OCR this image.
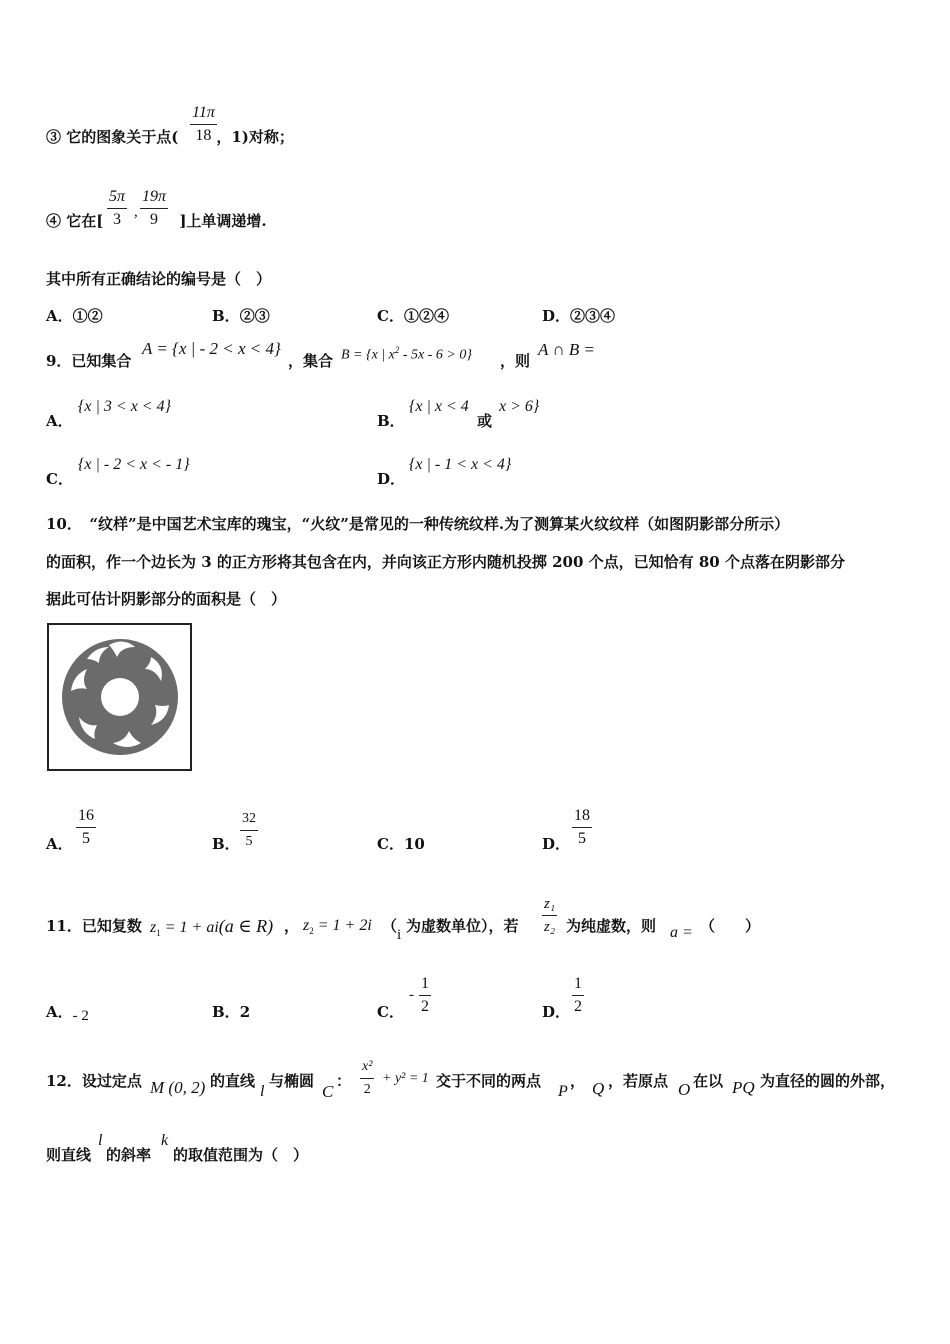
③ 它的图象关于点(	，1)对称；
11π
18
④ 它在[	]上单调递增.
5π
3 ,
19π
9
其中所有正确结论的编号是（　）
A．①②	B．②③	C．①②④	D．②③④
9．已知集合
A = {x | - 2 < x < 4}
，集合 B = {x | $x^2 - 5x - 6 > 0$} ，则
A ∩ B =
A．
{x | 3 < x < 4}
B．
{x | x < 4
或
x > 6}
C．
{x | - 2 < x < - 1}
D．
{x | - 1 < x < 4}
10．　“纹样”是中国艺术宝库的瑰宝，“火纹”是常见的一种传统纹样.为了测算某火纹纹样（如图阴影部分所示）
的面积，作一个边长为 3 的正方形将其包含在内，并向该正方形内随机投掷 200 个点，已知恰有 80 个点落在阴影部分
据此可估计阴影部分的面积是（　）
A．
16
5	B．
32
5	C．10	D．
18
5
11．已知复数 $z_1 = 1 + ai(a$ ∈ R) ， $z_2 = 1 + 2i$ （ i 为虚数单位），若
z₁
z₂ 为纯虚数，则 a = （　　）
A．- 2	B．2	C．
-
1
2	D．
1
2
12．设过定点 M (0, 2) 的直线
l
与椭圆
C
：
x²
2
+ y² = 1 交于不同的两点
P
， Q ，若原点 O 在以 PQ 为直径的圆的外部，
则直线
l
的斜率
k
的取值范围为（　）
